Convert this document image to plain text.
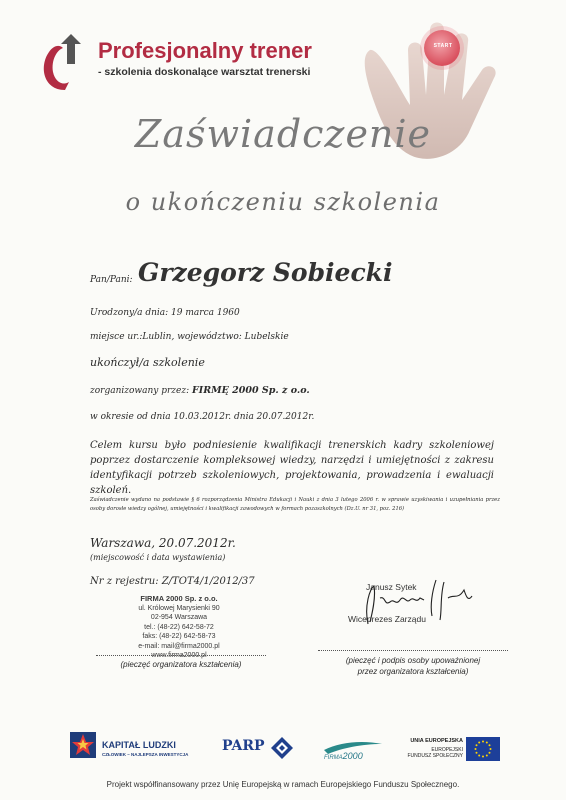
Profesjonalny trener
- szkolenia doskonalące warsztat trenerski
START
Zaświadczenie
o ukończeniu szkolenia
Pan/Pani: Grzegorz Sobiecki
Urodzony/a dnia: 19 marca 1960
miejsce ur.:Lublin, województwo: Lubelskie
ukończył/a szkolenie
zorganizowany przez: FIRMĘ 2000 Sp. z o.o.
w okresie od dnia 10.03.2012r. dnia 20.07.2012r.
Celem kursu było podniesienie kwalifikacji trenerskich kadry szkoleniowej poprzez dostarczenie kompleksowej wiedzy, narzędzi i umiejętności z zakresu identyfikacji potrzeb szkoleniowych, projektowania, prowadzenia i ewaluacji szkoleń.
Zaświadczenie wydano na podstawie § 6 rozporządzenia Ministra Edukacji i Nauki z dnia 3 lutego 2006 r. w sprawie uzyskiwania i uzupełniania przez osoby dorosłe wiedzy ogólnej, umiejętności i kwalifikacji zawodowych w formach pozaszkolnych (Dz.U. nr 31, poz. 216)
Warszawa, 20.07.2012r.
(miejscowość i data wystawienia)
Nr z rejestru: Z/TOT4/1/2012/37
FIRMA 2000 Sp. z o.o.
ul. Królowej Marysienki 90
02-954 Warszawa
tel.: (48-22) 642-58-72
faks: (48-22) 642-58-73
e-mail: mail@firma2000.pl
www.firma2000.pl
(pieczęć organizatora kształcenia)
Janusz Sytek
Wiceprezes Zarządu
(pieczęć i podpis osoby upoważnionej
przez organizatora kształcenia)
KAPITAŁ LUDZKI
CZŁOWIEK – NAJLEPSZA INWESTYCJA
PARP
FIRMA2000
UNIA EUROPEJSKA
EUROPEJSKI
FUNDUSZ SPOŁECZNY
Projekt współfinansowany przez Unię Europejską w ramach Europejskiego Funduszu Społecznego.
